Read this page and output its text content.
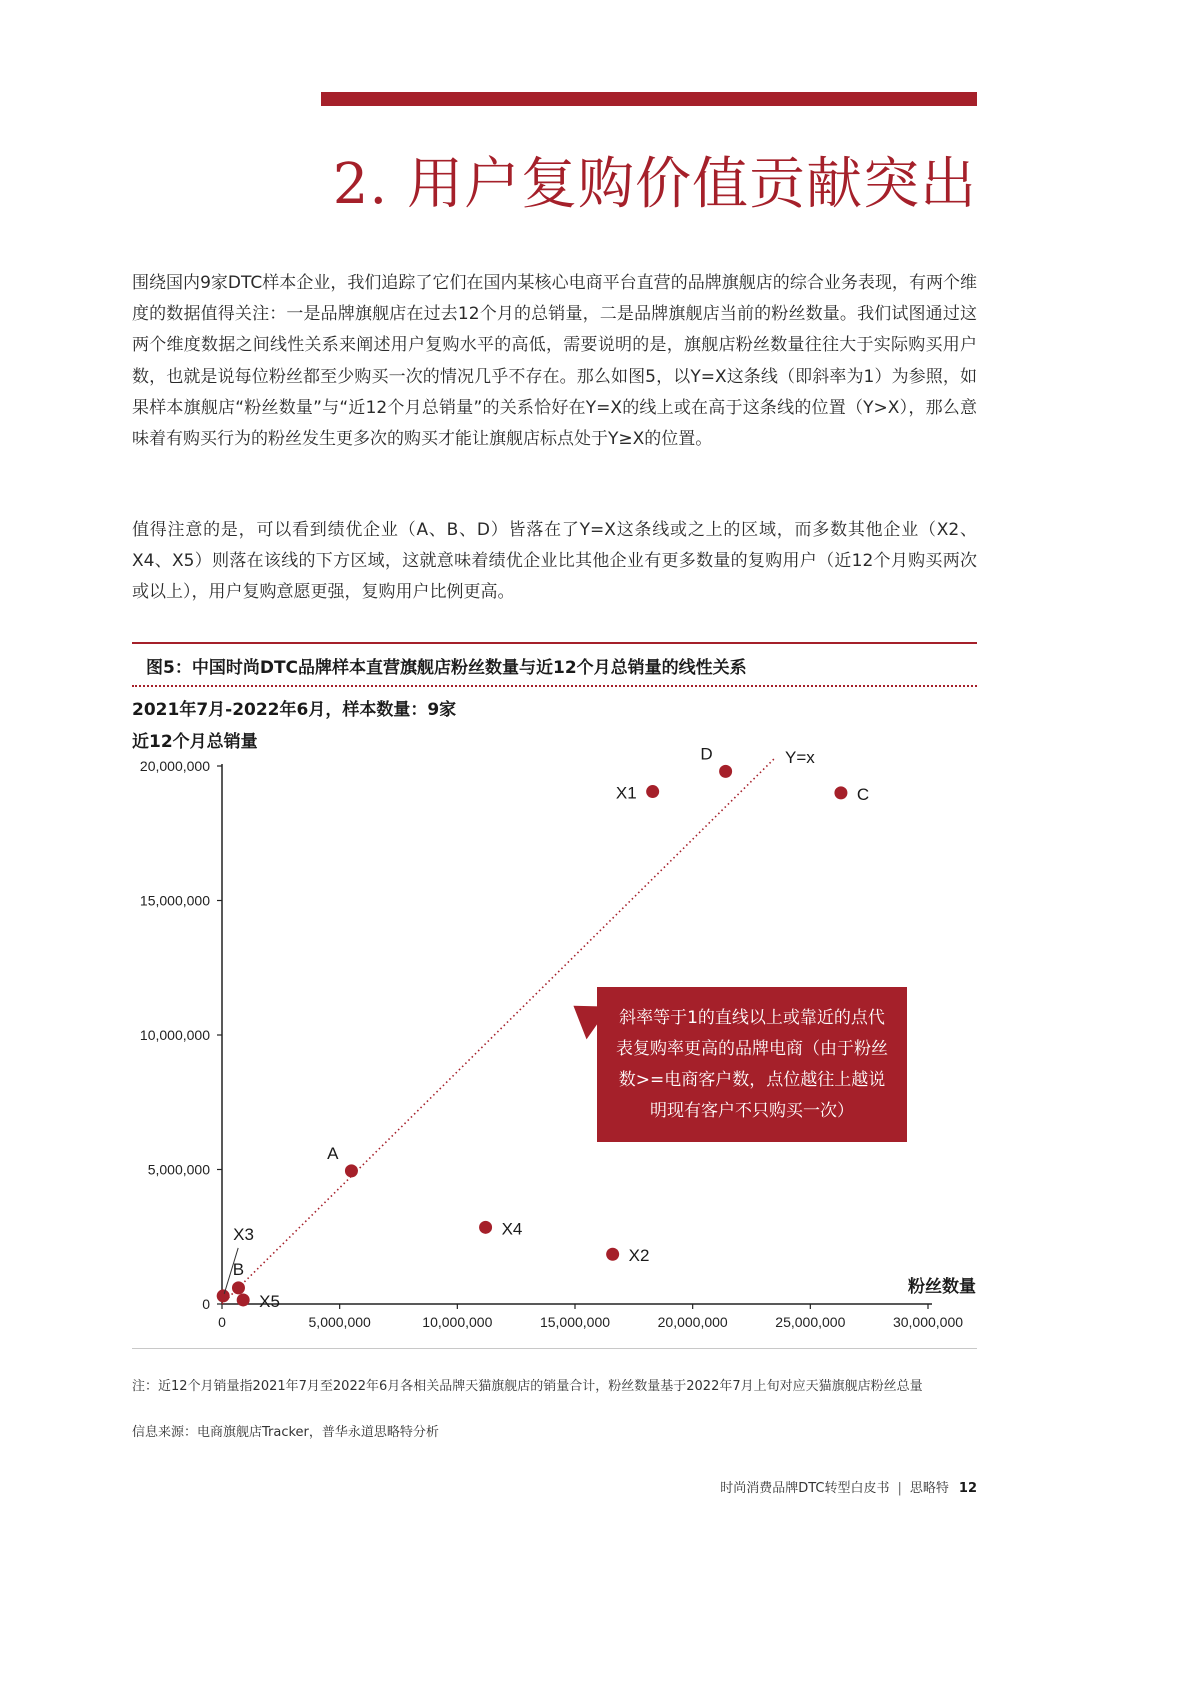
2. 用户复购价值贡献突出

围绕国内9家DTC样本企业，我们追踪了它们在国内某核心电商平台直营的品牌旗舰店的综合业务表现，有两个维度的数据值得关注：一是品牌旗舰店在过去12个月的总销量，二是品牌旗舰店当前的粉丝数量。我们试图通过这两个维度数据之间线性关系来阐述用户复购水平的高低，需要说明的是，旗舰店粉丝数量往往大于实际购买用户数，也就是说每位粉丝都至少购买一次的情况几乎不存在。那么如图5，以Y=X这条线（即斜率为1）为参照，如果样本旗舰店“粉丝数量”与“近12个月总销量”的关系恰好在Y=X的线上或在高于这条线的位置（Y>X），那么意味着有购买行为的粉丝发生更多次的购买才能让旗舰店标点处于Y≥X的位置。

值得注意的是，可以看到绩优企业（A、B、D）皆落在了Y=X这条线或之上的区域，而多数其他企业（X2、X4、X5）则落在该线的下方区域，这就意味着绩优企业比其他企业有更多数量的复购用户（近12个月购买两次或以上），用户复购意愿更强，复购用户比例更高。

图5：中国时尚DTC品牌样本直营旗舰店粉丝数量与近12个月总销量的线性关系

2021年7月-2022年6月，样本数量：9家

近12个月总销量

0
5,000,000
10,000,000
15,000,000
20,000,000
0	5,000,000	10,000,000	15,000,000	20,000,000	25,000,000	30,000,000
Y=x
D
X1	C
A
X4
X2
B
X5
X3

粉丝数量

斜率等于1的直线以上或靠近的点代表复购率更高的品牌电商（由于粉丝数>=电商客户数，点位越往上越说明现有客户不只购买一次）

注：近12个月销量指2021年7月至2022年6月各相关品牌天猫旗舰店的销量合计，粉丝数量基于2022年7月上旬对应天猫旗舰店粉丝总量

信息来源：电商旗舰店Tracker，普华永道思略特分析

时尚消费品牌DTC转型白皮书 | 思略特 12
